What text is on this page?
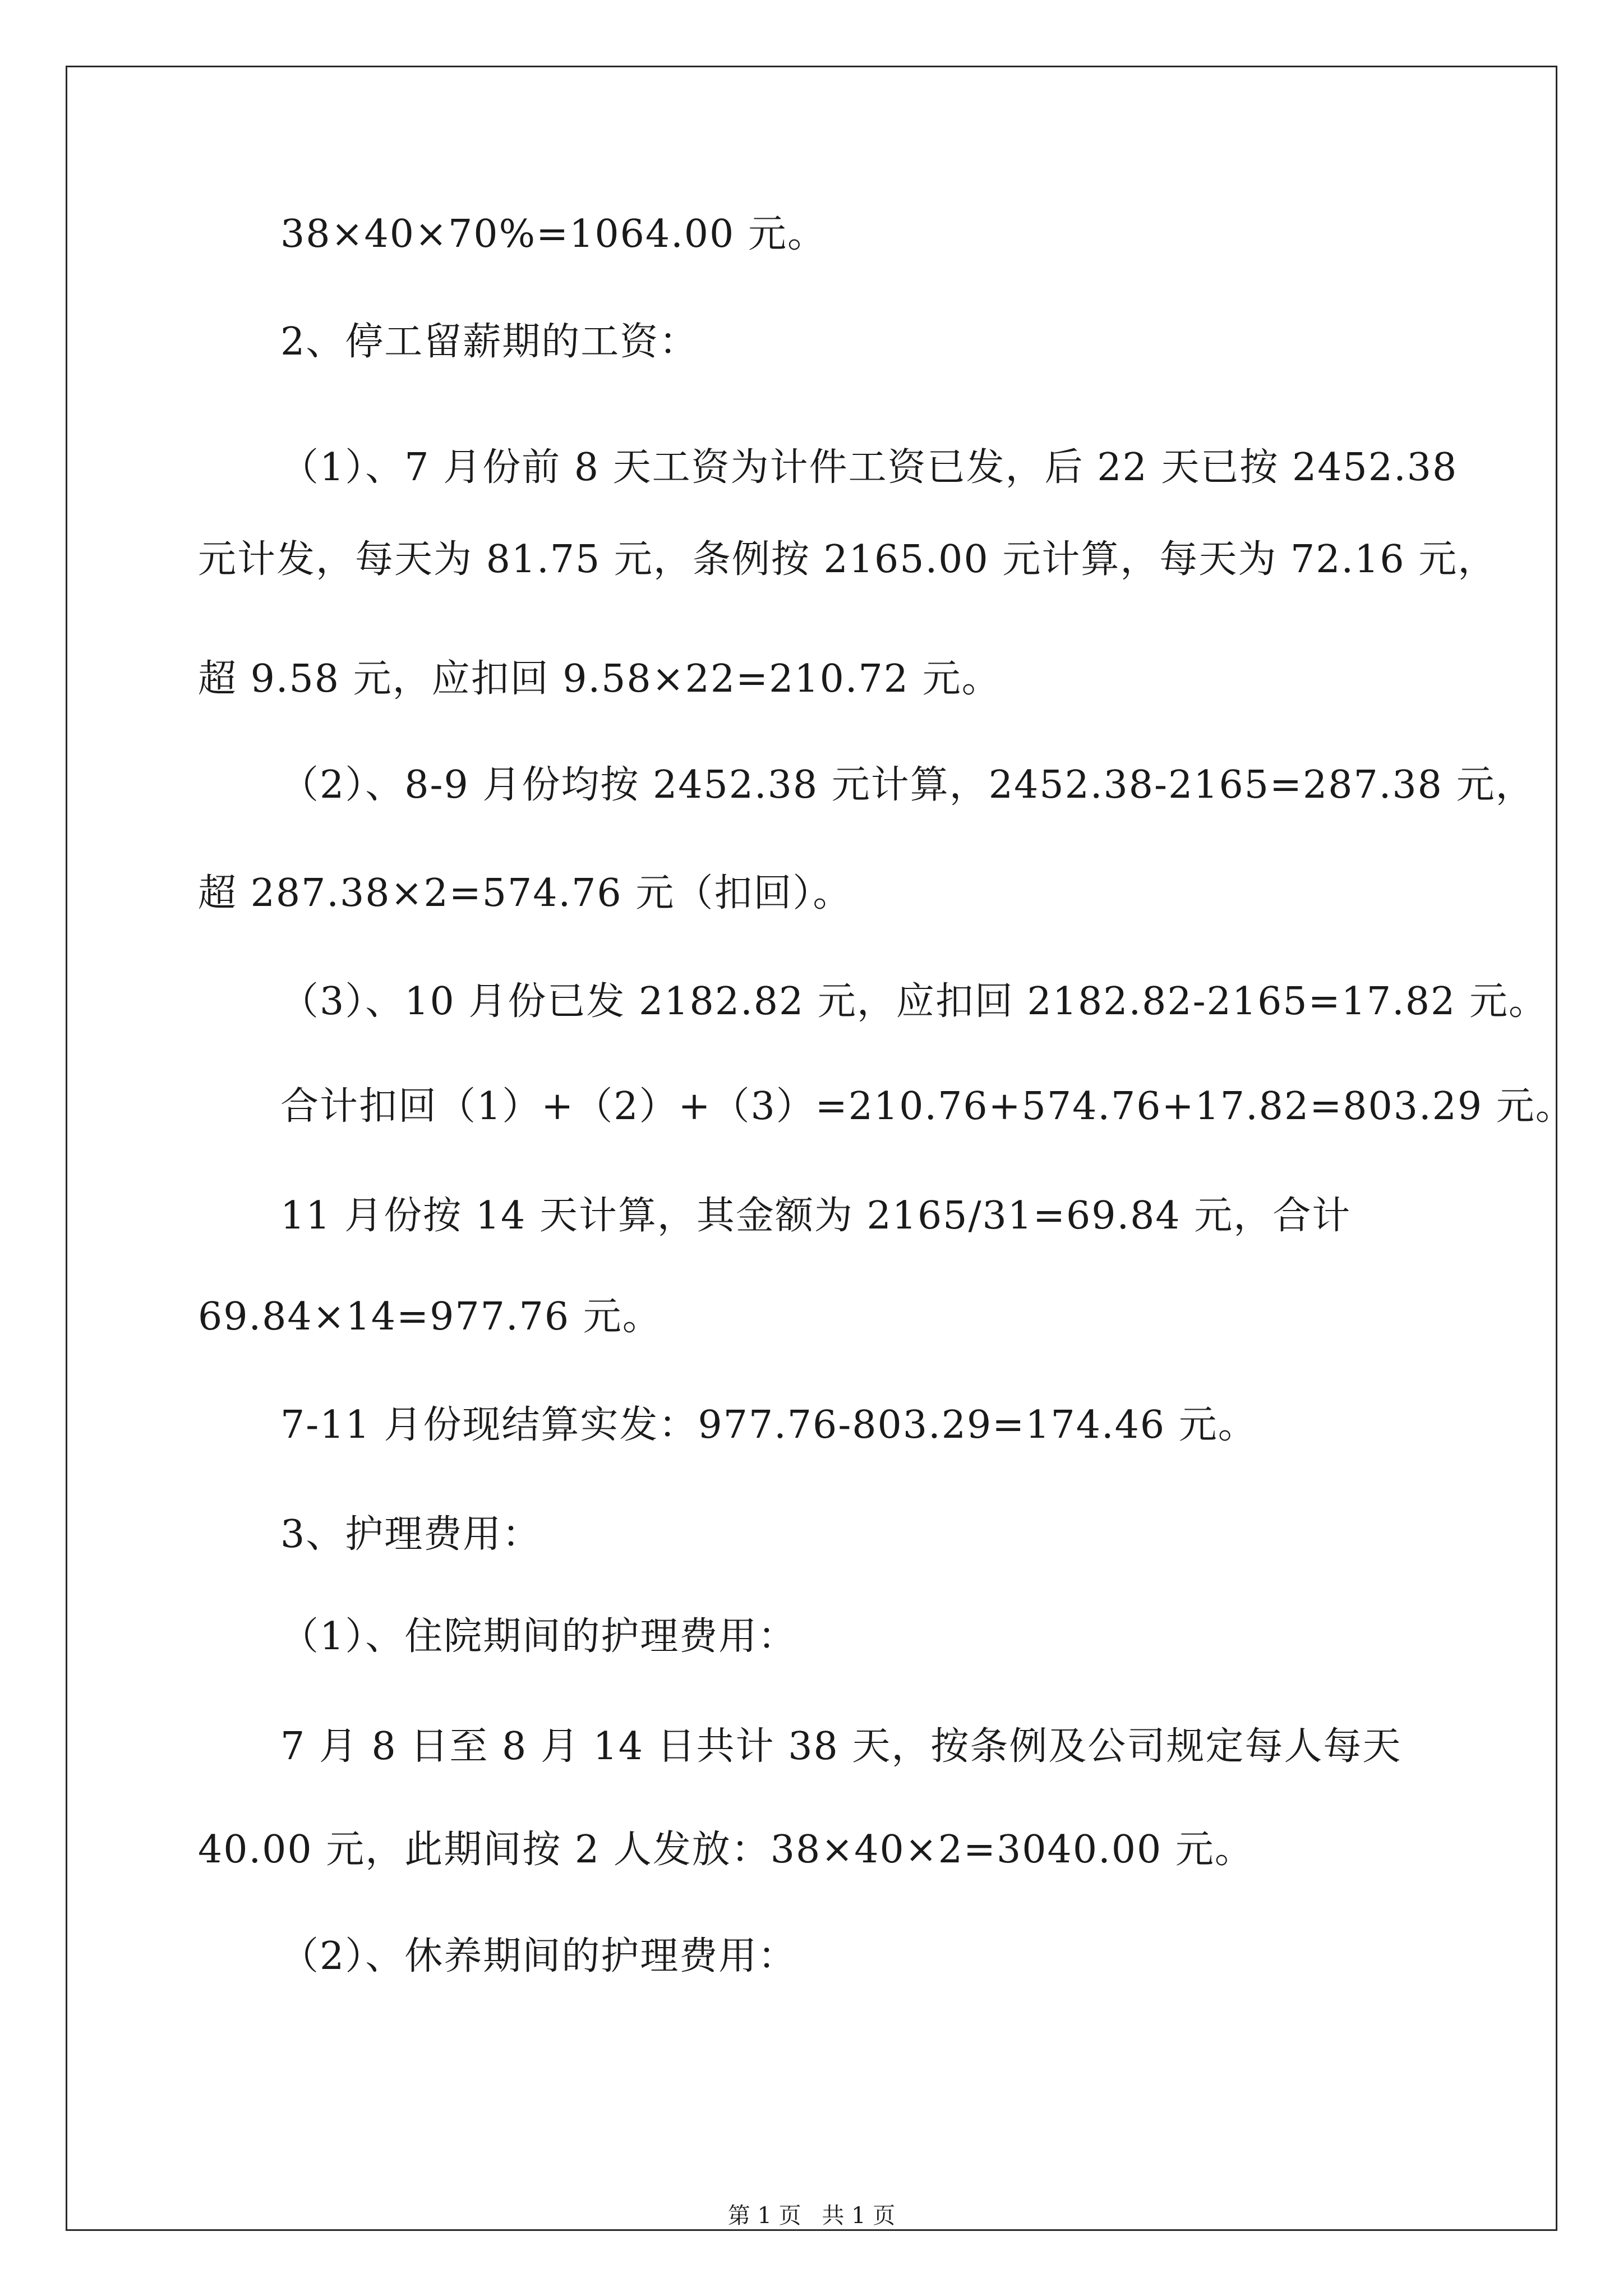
38×40×70%=1064.00 元。

2、停工留薪期的工资：

（1）、7 月份前 8 天工资为计件工资已发，后 22 天已按 2452.38

元计发，每天为 81.75 元，条例按 2165.00 元计算，每天为 72.16 元，

超 9.58 元，应扣回 9.58×22=210.72 元。

（2）、8-9 月份均按 2452.38 元计算，2452.38-2165=287.38 元，

超 287.38×2=574.76 元（扣回）。

（3）、10 月份已发 2182.82 元，应扣回 2182.82-2165=17.82 元。

合计扣回（1）+（2）+（3）=210.76+574.76+17.82=803.29 元。

11 月份按 14 天计算，其金额为 2165/31=69.84 元，合计

69.84×14=977.76 元。

7-11 月份现结算实发：977.76-803.29=174.46 元。

3、护理费用：

（1）、住院期间的护理费用：

7 月 8 日至 8 月 14 日共计 38 天，按条例及公司规定每人每天

40.00 元，此期间按 2 人发放：38×40×2=3040.00 元。

（2）、休养期间的护理费用：

第 1 页 共 1 页
